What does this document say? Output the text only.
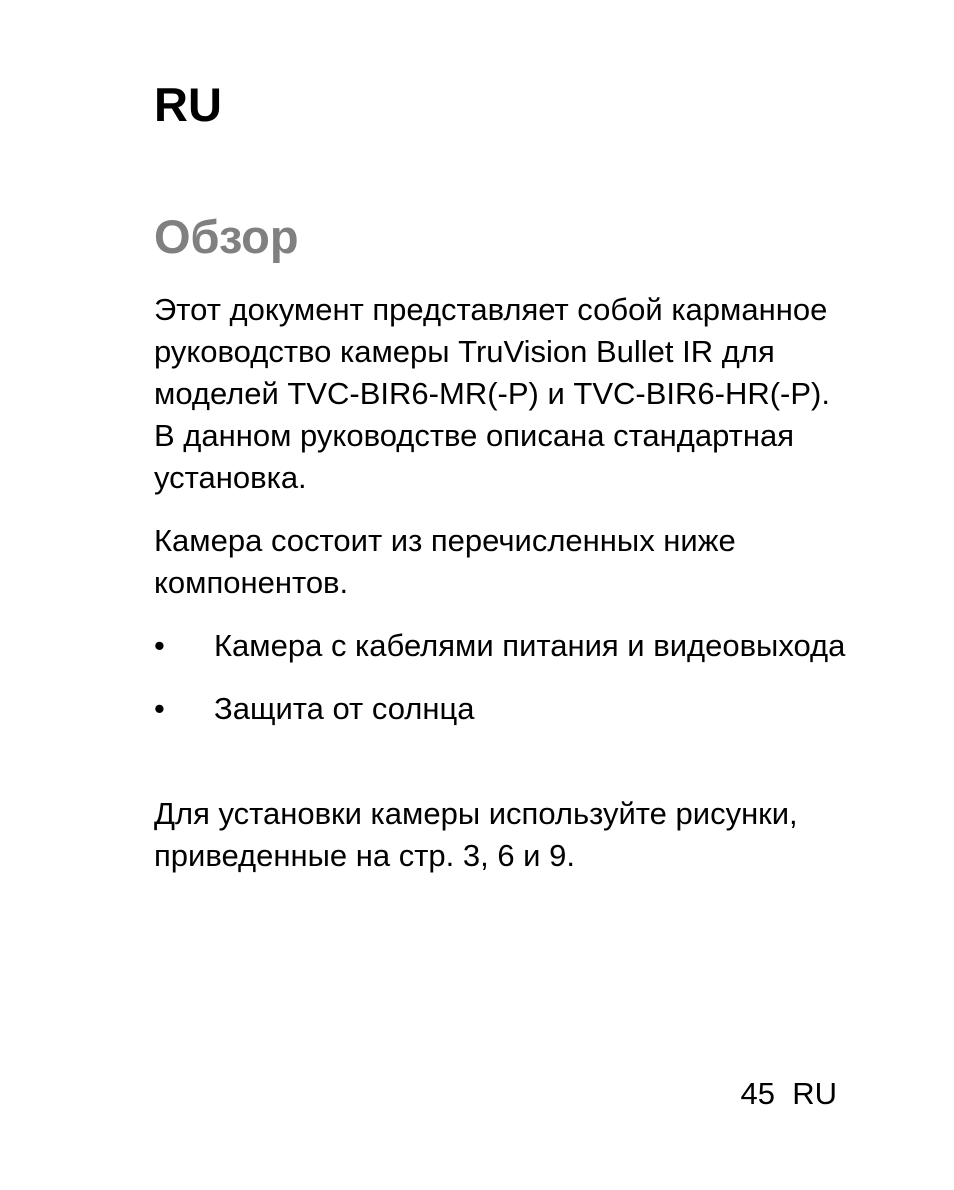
RU
Обзор

Этот документ представляет собой карманное руководство камеры TruVision Bullet IR для моделей TVC-BIR6-MR(-P) и TVC-BIR6-HR(-P). В данном руководстве описана стандартная установка.

Камера состоит из перечисленных ниже компонентов.

• Камера с кабелями питания и видеовыхода
• Защита от солнца

Для установки камеры используйте рисунки, приведенные на стр. 3, 6 и 9.

45 RU
